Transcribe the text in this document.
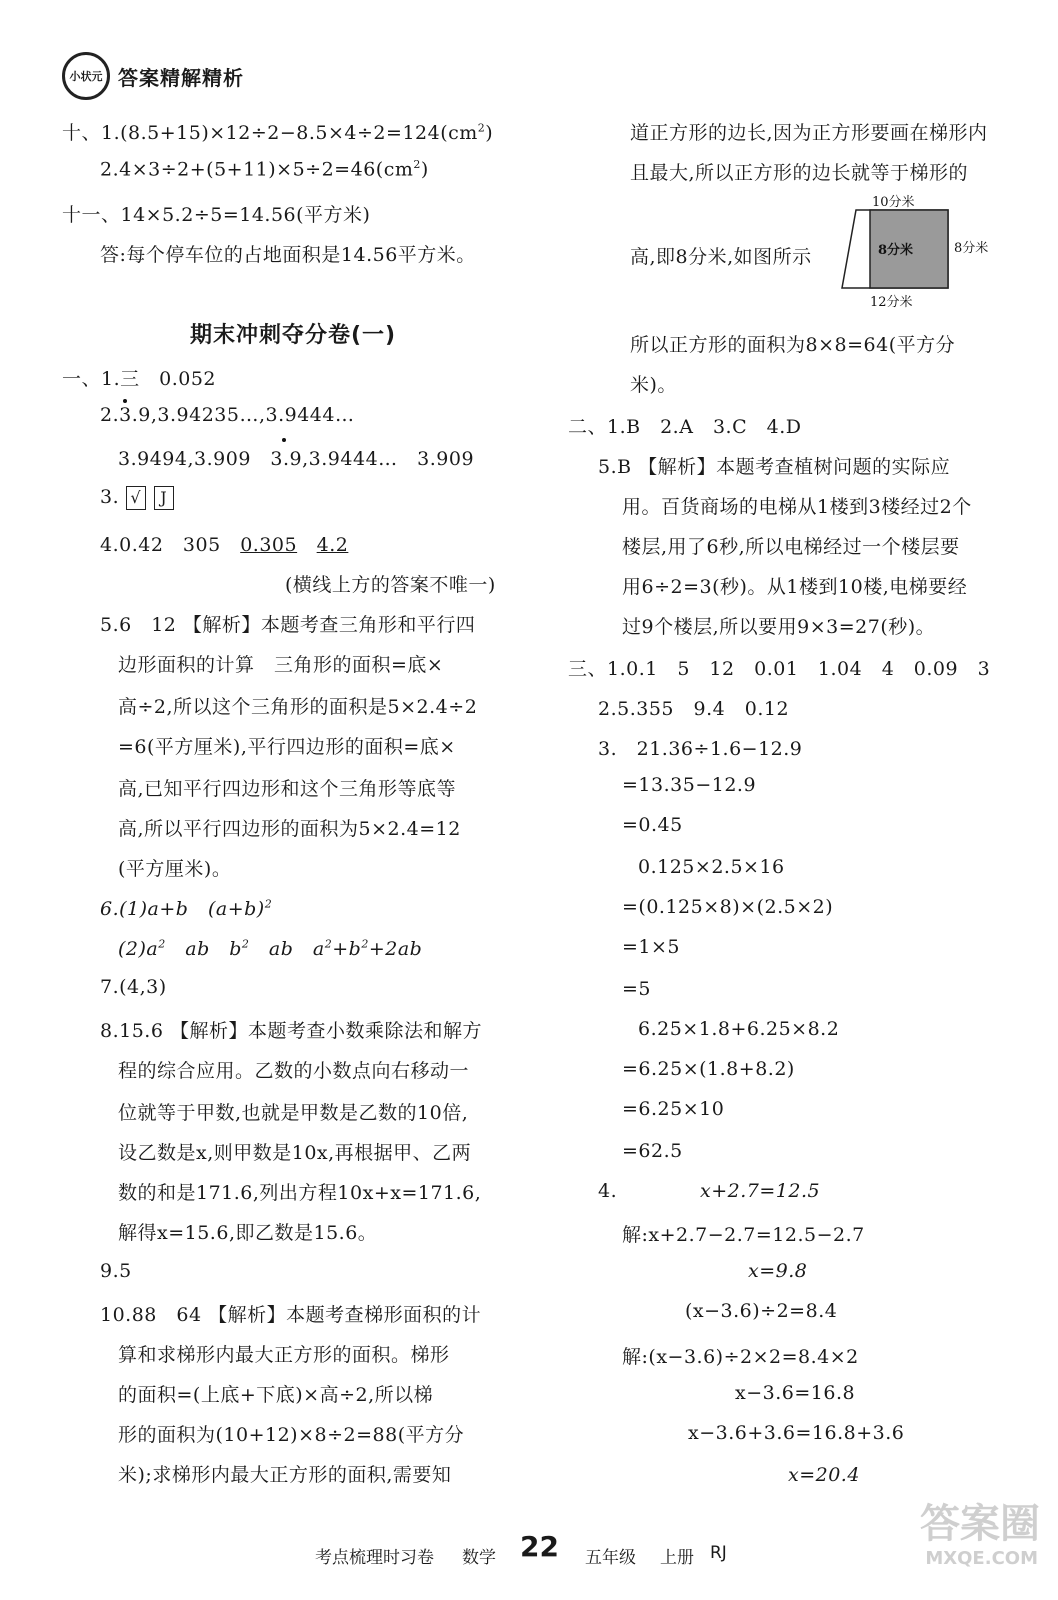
小状元 答案精解精析
十、$1.(8.5+15)\times 12\div 2-8.5\times 4\div 2=124(cm^2)$
$2.4\times 3\div 2+(5+11)\times 5\div 2=46(cm^2)$
十一、14×5.2÷5=14.56(平方米)
答:每个停车位的占地面积是14.56平方米。
期末冲刺夺分卷(一)
一、1.三　0.052
2.3.9,3.94235…,3.9444…
3.9494,3.909　3.9,3.9444…　3.909
3. √ J
4.0.42　305　 0.305　 4.2
(横线上方的答案不唯一)
5.6　12 【解析】本题考查三角形和平行四
边形面积的计算　三角形的面积=底×
高÷2,所以这个三角形的面积是5×2.4÷2
=6(平方厘米),平行四边形的面积=底×
高,已知平行四边形和这个三角形等底等
高,所以平行四边形的面积为5×2.4=12
(平方厘米)。
6.(1)a+b　$(a+b)^2$
$(2)a^2$　ab　$b^2$　ab　$a^2+b^2+2ab$
7.(4,3)
8.15.6 【解析】本题考查小数乘除法和解方
程的综合应用。乙数的小数点向右移动一
位就等于甲数,也就是甲数是乙数的10倍,
设乙数是x,则甲数是10x,再根据甲、乙两
数的和是171.6,列出方程10x+x=171.6,
解得x=15.6,即乙数是15.6。
9.5
10.88　64 【解析】本题考查梯形面积的计
算和求梯形内最大正方形的面积。梯形
的面积=(上底+下底)×高÷2,所以梯
形的面积为(10+12)×8÷2=88(平方分
米);求梯形内最大正方形的面积,需要知
道正方形的边长,因为正方形要画在梯形内
且最大,所以正方形的边长就等于梯形的
高,即8分米,如图所示
10分米
8分米	8分米
12分米
所以正方形的面积为8×8=64(平方分
米)。
二、1.B　2.A　3.C　4.D
5.B 【解析】本题考查植树问题的实际应
用。百货商场的电梯从1楼到3楼经过2个
楼层,用了6秒,所以电梯经过一个楼层要
用6÷2=3(秒)。从1楼到10楼,电梯要经
过9个楼层,所以要用9×3=27(秒)。
三、1.0.1　5　12　0.01　1.04　4　0.09　3
2.5.355　9.4　0.12
3.　21.36÷1.6−12.9
=13.35−12.9
=0.45
0.125×2.5×16
=(0.125×8)×(2.5×2)
=1×5
=5
6.25×1.8+6.25×8.2
=6.25×(1.8+8.2)
=6.25×10
=62.5
4.	x+2.7=12.5
解:x+2.7−2.7=12.5−2.7
x=9.8
(x−3.6)÷2=8.4
解:(x−3.6)÷2×2=8.4×2
x−3.6=16.8
x−3.6+3.6=16.8+3.6
x=20.4
考点梳理时习卷 数学 22 五年级 上册 RJ
答案圈
MXQE.COM
